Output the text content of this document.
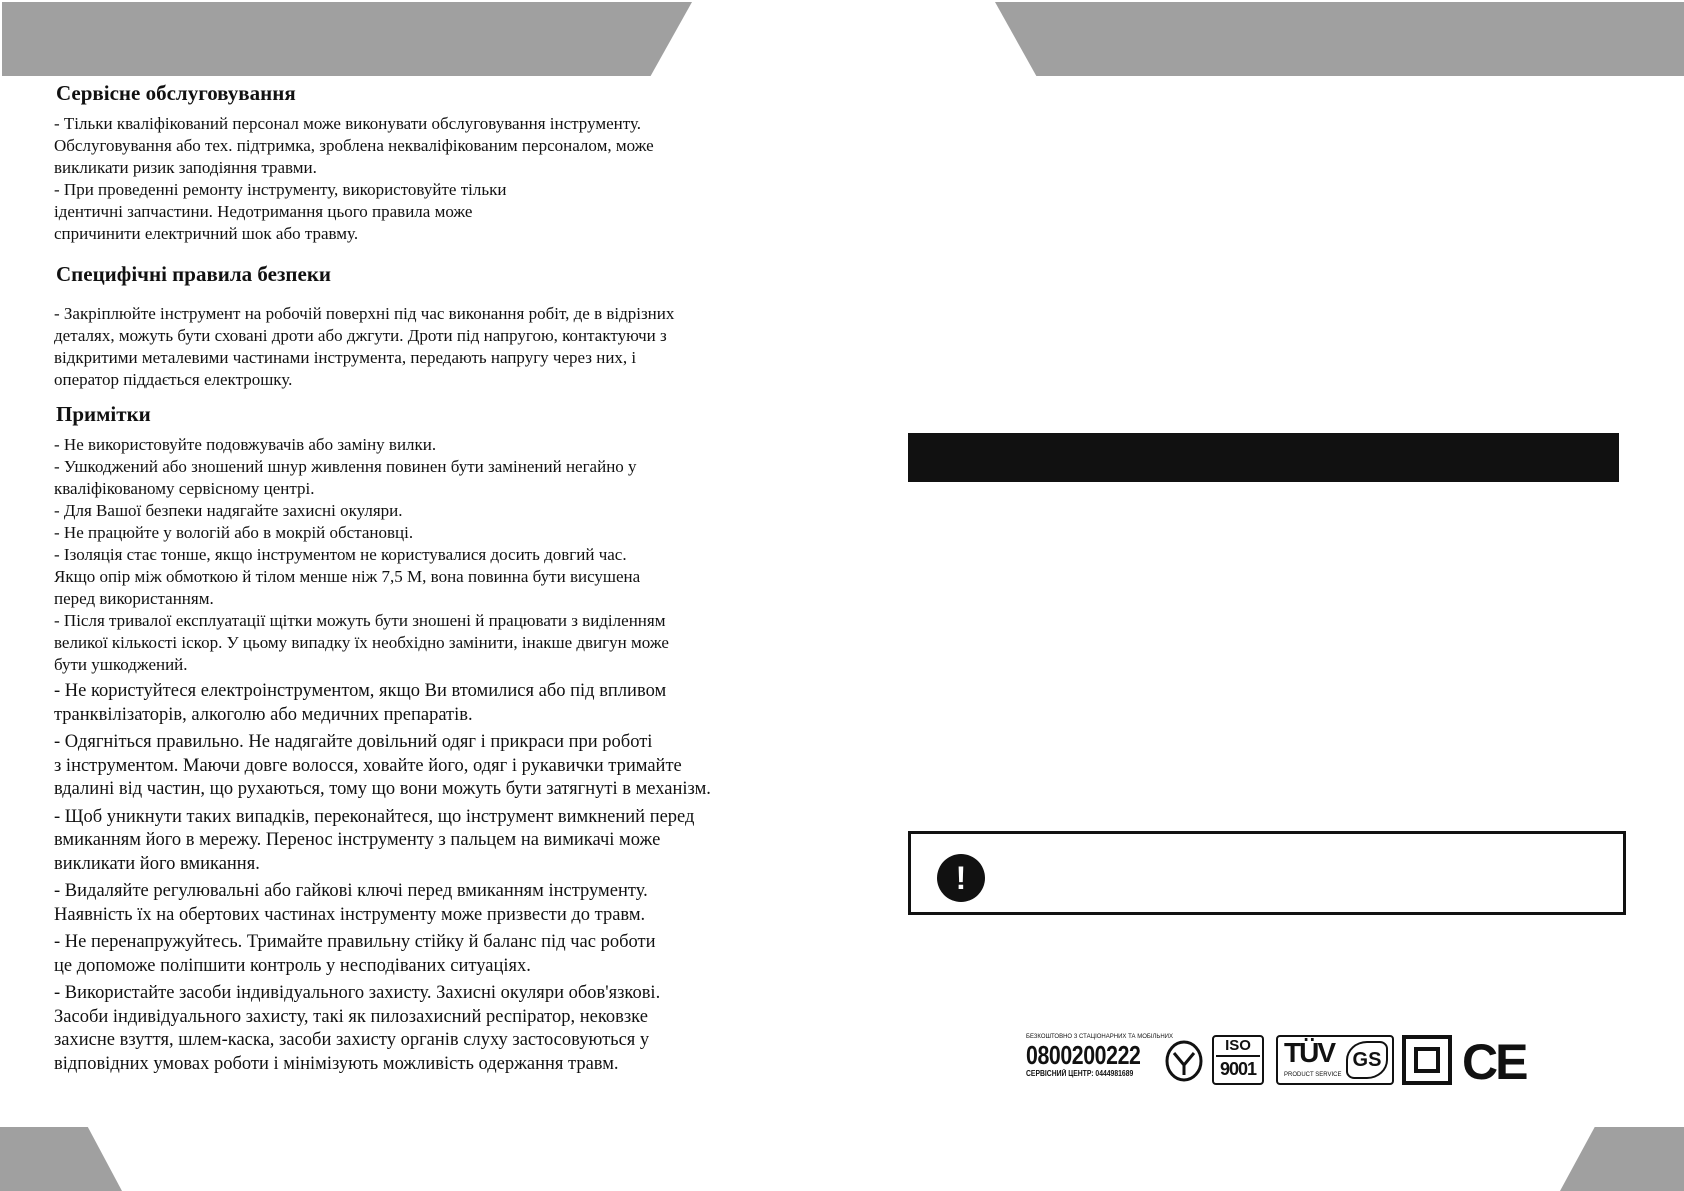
Сервісне обслуговування
- Тільки кваліфікований персонал може виконувати обслуговування інструменту.
Обслуговування або тех. підтримка, зроблена некваліфікованим персоналом, може
викликати ризик заподіяння травми.
- При проведенні ремонту інструменту, використовуйте тільки
ідентичні запчастини. Недотримання цього правила може
спричинити електричний шок або травму.
Специфічні правила безпеки
- Закріплюйте інструмент на робочій поверхні під час виконання робіт, де в відрізних
деталях, можуть бути сховані дроти або джгути. Дроти під напругою, контактуючи з
відкритими металевими частинами інструмента, передають напругу через них, і
оператор піддається електрошку.
Примітки
- Не використовуйте подовжувачів або заміну вилки.
- Ушкоджений або зношений шнур живлення повинен бути замінений негайно у
кваліфікованому сервісному центрі.
- Для Вашої безпеки надягайте захисні окуляри.
- Не працюйте у вологій або в мокрій обстановці.
- Ізоляція стає тонше, якщо інструментом не користувалися досить довгий час.
Якщо опір між обмоткою й тілом менше ніж 7,5 М, вона повинна бути висушена
перед використанням.
- Після тривалої експлуатації щітки можуть бути зношені й працювати з виділенням
великої кількості іскор. У цьому випадку їх необхідно замінити, інакше двигун може
бути ушкоджений.
- Не користуйтеся електроінструментом, якщо Ви втомилися або під впливом
транквілізаторів, алкоголю або медичних препаратів.
- Одягніться правильно. Не надягайте довільний одяг і прикраси при роботі
з інструментом. Маючи довге волосся, ховайте його, одяг і рукавички тримайте
вдалині від частин, що рухаються, тому що вони можуть бути затягнуті в механізм.
- Щоб уникнути таких випадків, переконайтеся, що інструмент вимкнений перед
вмиканням його в мережу. Перенос інструменту з пальцем на вимикачі може
викликати його вмикання.
- Видаляйте регулювальні або гайкові ключі перед вмиканням інструменту.
Наявність їх на обертових частинах інструменту може призвести до травм.
- Не перенапружуйтесь. Тримайте правильну стійку й баланс під час роботи
це допоможе поліпшити контроль у несподіваних ситуаціях.
- Використайте засоби індивідуального захисту. Захисні окуляри обов'язкові.
Засоби індивідуального захисту, такі як пилозахисний респіратор, нековзке
захисне взуття, шлем-каска, засоби захисту органів слуху застосовуються у
відповідних умовах роботи і мінімізують можливість одержання травм.
!
БЕЗКОШТОВНО З СТАЦІОНАРНИХ ТА МОБІЛЬНИХ
0800200222
СЕРВІСНИЙ ЦЕНТР: 0444981689
ISO
9001
TÜV
PRODUCT SERVICE
GS CE
